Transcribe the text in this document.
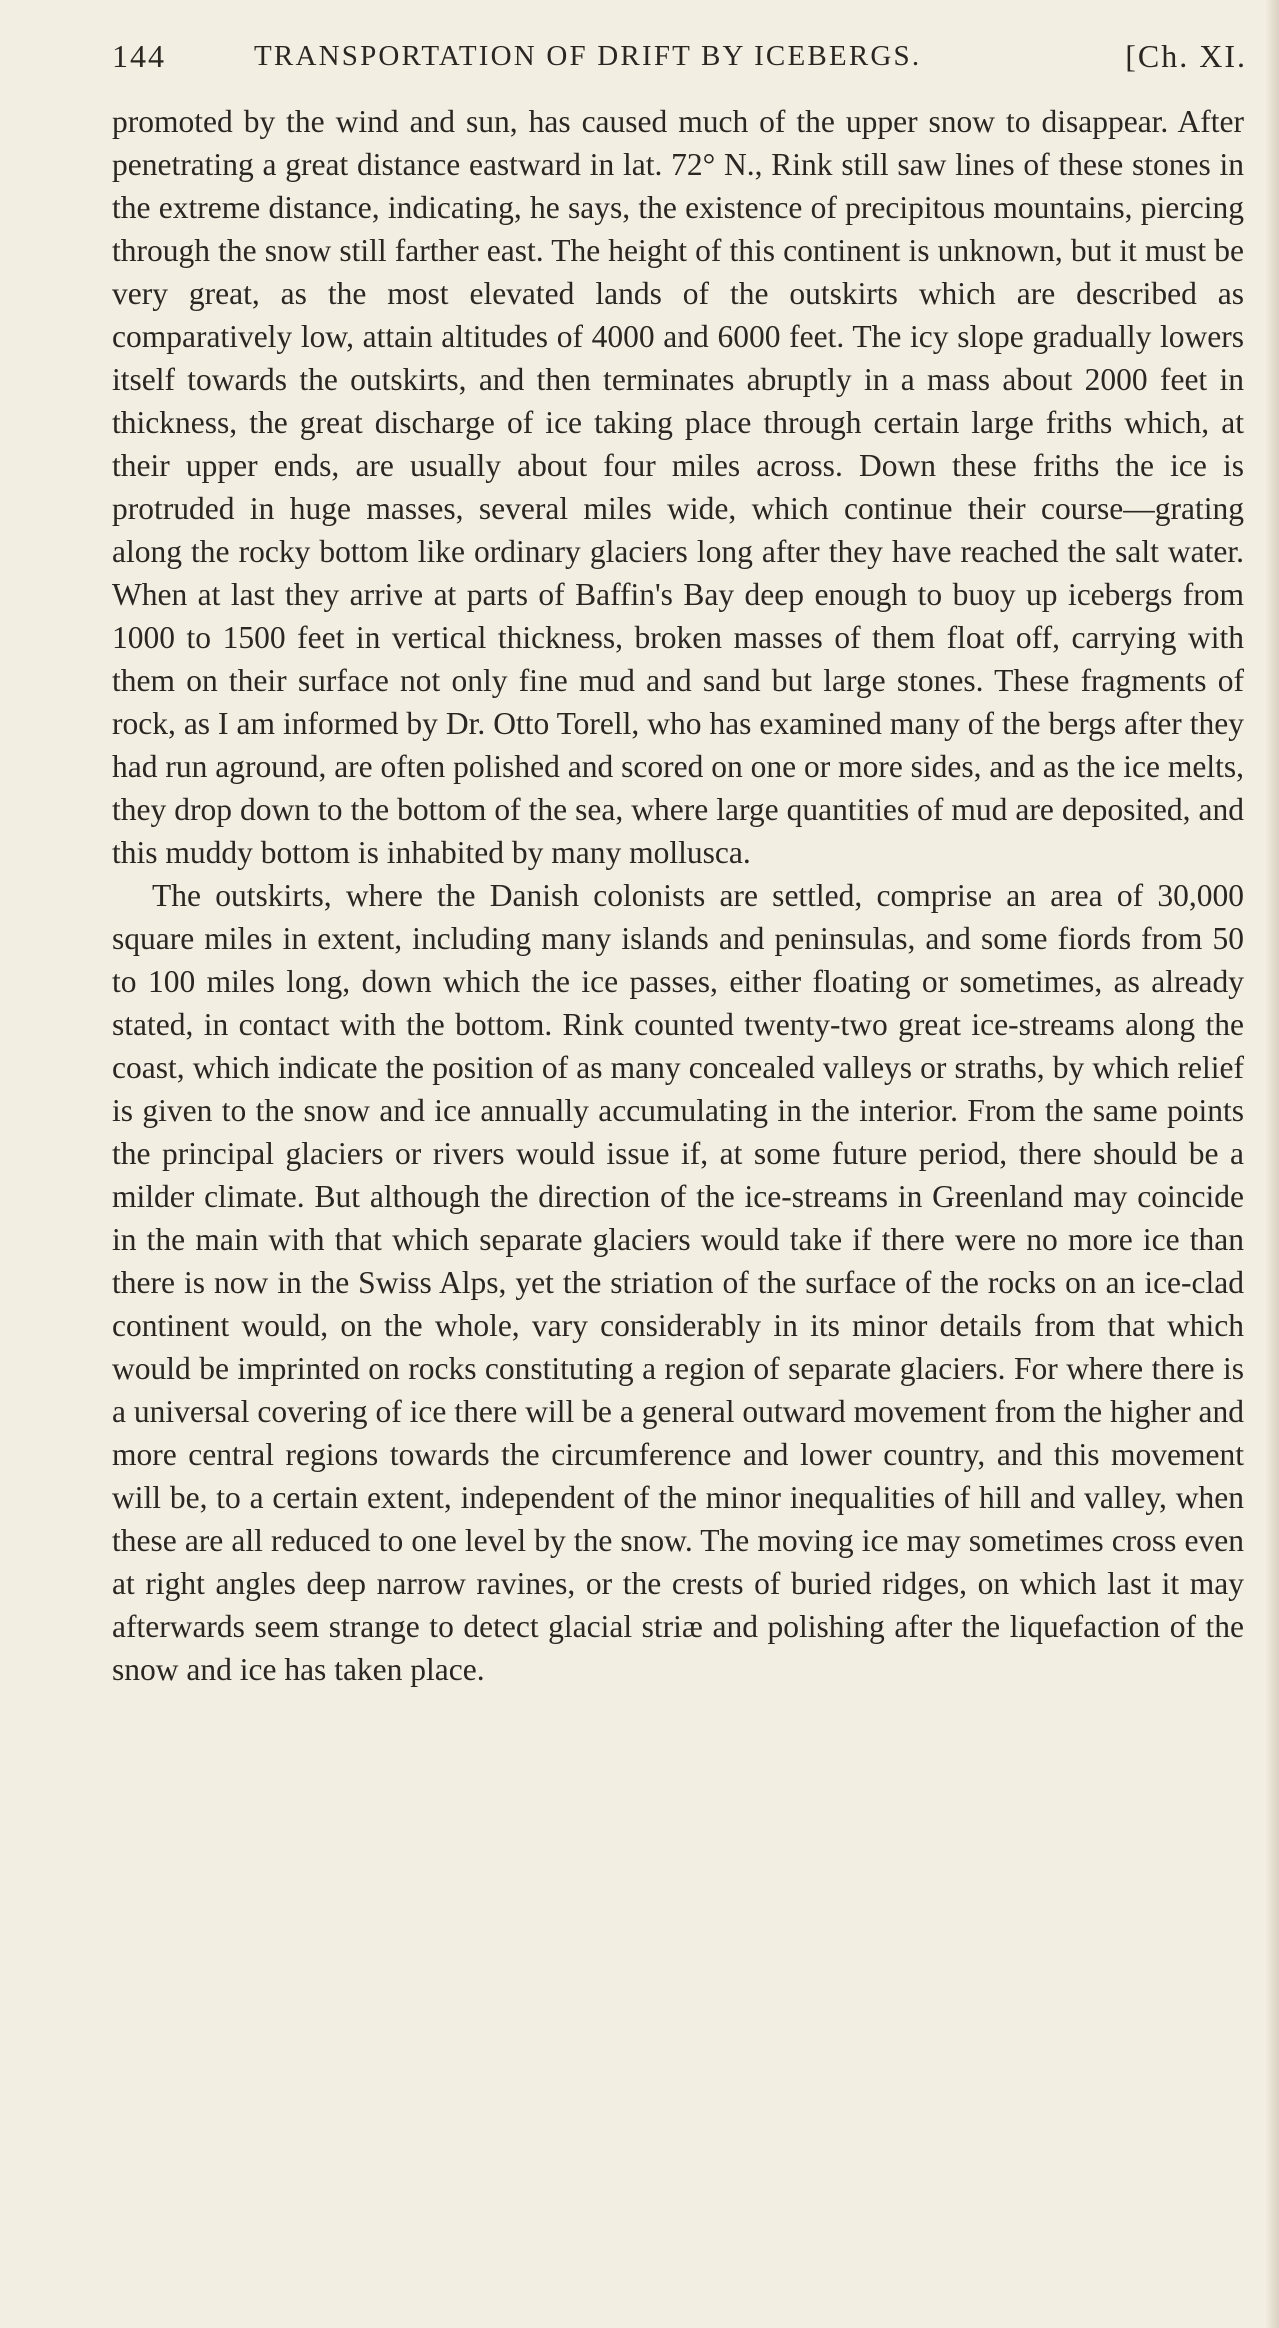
144	TRANSPORTATION OF DRIFT BY ICEBERGS.	[Ch. XI.

promoted by the wind and sun, has caused much of the upper snow to disappear. After penetrating a great distance eastward in lat. 72° N., Rink still saw lines of these stones in the extreme distance, indicating, he says, the existence of precipitous mountains, piercing through the snow still farther east. The height of this continent is unknown, but it must be very great, as the most elevated lands of the outskirts which are described as comparatively low, attain altitudes of 4000 and 6000 feet. The icy slope gradually lowers itself towards the outskirts, and then terminates abruptly in a mass about 2000 feet in thickness, the great discharge of ice taking place through certain large friths which, at their upper ends, are usually about four miles across. Down these friths the ice is protruded in huge masses, several miles wide, which continue their course—grating along the rocky bottom like ordinary glaciers long after they have reached the salt water. When at last they arrive at parts of Baffin's Bay deep enough to buoy up icebergs from 1000 to 1500 feet in vertical thickness, broken masses of them float off, carrying with them on their surface not only fine mud and sand but large stones. These fragments of rock, as I am informed by Dr. Otto Torell, who has examined many of the bergs after they had run aground, are often polished and scored on one or more sides, and as the ice melts, they drop down to the bottom of the sea, where large quantities of mud are deposited, and this muddy bottom is inhabited by many mollusca.

The outskirts, where the Danish colonists are settled, comprise an area of 30,000 square miles in extent, including many islands and peninsulas, and some fiords from 50 to 100 miles long, down which the ice passes, either floating or sometimes, as already stated, in contact with the bottom. Rink counted twenty-two great ice-streams along the coast, which indicate the position of as many concealed valleys or straths, by which relief is given to the snow and ice annually accumulating in the interior. From the same points the principal glaciers or rivers would issue if, at some future period, there should be a milder climate. But although the direction of the ice-streams in Greenland may coincide in the main with that which separate glaciers would take if there were no more ice than there is now in the Swiss Alps, yet the striation of the surface of the rocks on an ice-clad continent would, on the whole, vary considerably in its minor details from that which would be imprinted on rocks constituting a region of separate glaciers. For where there is a universal covering of ice there will be a general outward movement from the higher and more central regions towards the circumference and lower country, and this movement will be, to a certain extent, independent of the minor inequalities of hill and valley, when these are all reduced to one level by the snow. The moving ice may sometimes cross even at right angles deep narrow ravines, or the crests of buried ridges, on which last it may afterwards seem strange to detect glacial striæ and polishing after the liquefaction of the snow and ice has taken place.
